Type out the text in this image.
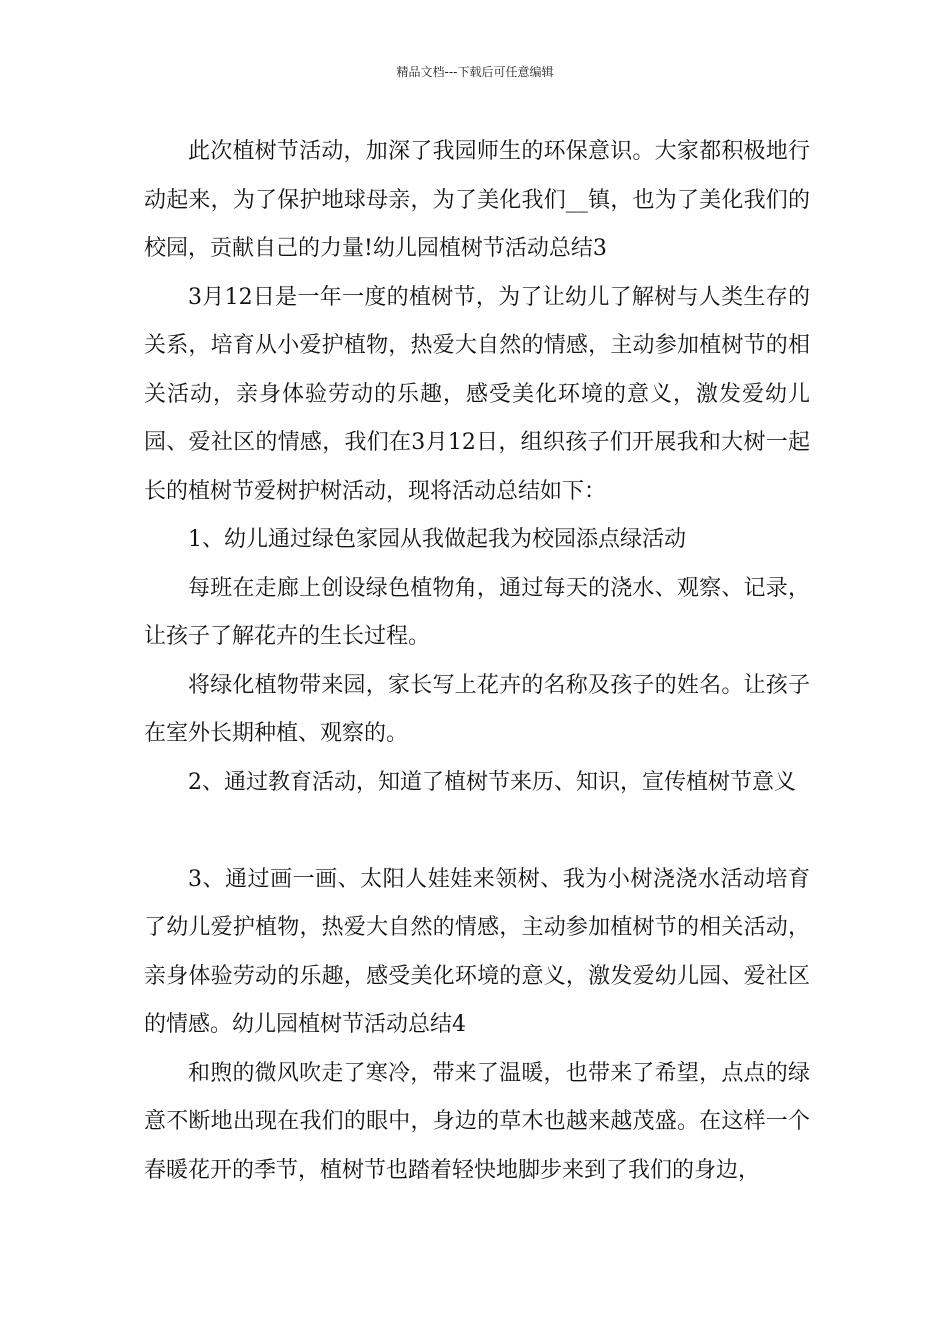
精品文档---下载后可任意编辑

此次植树节活动，加深了我园师生的环保意识。大家都积极地行动起来，为了保护地球母亲，为了美化我们__镇，也为了美化我们的校园，贡献自己的力量!幼儿园植树节活动总结3

3月12日是一年一度的植树节，为了让幼儿了解树与人类生存的关系，培育从小爱护植物，热爱大自然的情感，主动参加植树节的相关活动，亲身体验劳动的乐趣，感受美化环境的意义，激发爱幼儿园、爱社区的情感，我们在3月12日，组织孩子们开展我和大树一起长的植树节爱树护树活动，现将活动总结如下：

1、幼儿通过绿色家园从我做起我为校园添点绿活动

每班在走廊上创设绿色植物角，通过每天的浇水、观察、记录，让孩子了解花卉的生长过程。

将绿化植物带来园，家长写上花卉的名称及孩子的姓名。让孩子在室外长期种植、观察的。

2、通过教育活动，知道了植树节来历、知识，宣传植树节意义

3、通过画一画、太阳人娃娃来领树、我为小树浇浇水活动培育了幼儿爱护植物，热爱大自然的情感，主动参加植树节的相关活动，亲身体验劳动的乐趣，感受美化环境的意义，激发爱幼儿园、爱社区的情感。幼儿园植树节活动总结4

和煦的微风吹走了寒冷，带来了温暖，也带来了希望，点点的绿意不断地出现在我们的眼中，身边的草木也越来越茂盛。在这样一个春暖花开的季节，植树节也踏着轻快地脚步来到了我们的身边，
